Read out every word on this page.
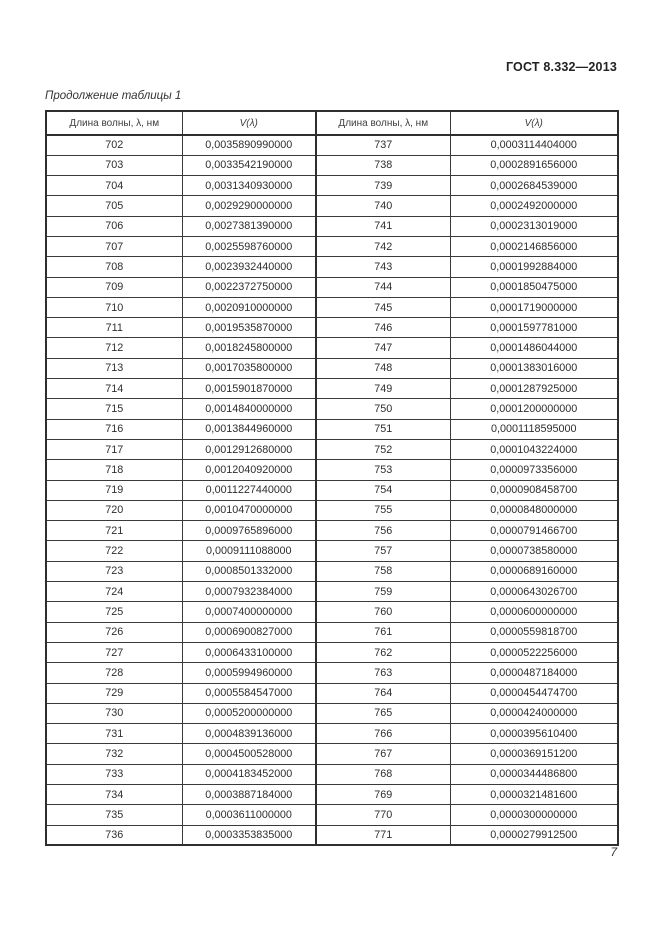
ГОСТ 8.332—2013
Продолжение таблицы 1
Длина волны, λ, нм	V(λ)	Длина волны, λ, нм	V(λ)
702	0,0035890990000	737	0,0003114404000
703	0,0033542190000	738	0,0002891656000
704	0,0031340930000	739	0,0002684539000
705	0,0029290000000	740	0,0002492000000
706	0,0027381390000	741	0,0002313019000
707	0,0025598760000	742	0,0002146856000
708	0,0023932440000	743	0,0001992884000
709	0,0022372750000	744	0,0001850475000
710	0,0020910000000	745	0,0001719000000
711	0,0019535870000	746	0,0001597781000
712	0,0018245800000	747	0,0001486044000
713	0,0017035800000	748	0,0001383016000
714	0,0015901870000	749	0,0001287925000
715	0,0014840000000	750	0,0001200000000
716	0,0013844960000	751	0,0001118595000
717	0,0012912680000	752	0,0001043224000
718	0,0012040920000	753	0,0000973356000
719	0,0011227440000	754	0,0000908458700
720	0,0010470000000	755	0,0000848000000
721	0,0009765896000	756	0,0000791466700
722	0,0009111088000	757	0,0000738580000
723	0,0008501332000	758	0,0000689160000
724	0,0007932384000	759	0,0000643026700
725	0,0007400000000	760	0,0000600000000
726	0,0006900827000	761	0,0000559818700
727	0,0006433100000	762	0,0000522256000
728	0,0005994960000	763	0,0000487184000
729	0,0005584547000	764	0,0000454474700
730	0,0005200000000	765	0,0000424000000
731	0,0004839136000	766	0,0000395610400
732	0,0004500528000	767	0,0000369151200
733	0,0004183452000	768	0,0000344486800
734	0,0003887184000	769	0,0000321481600
735	0,0003611000000	770	0,0000300000000
736	0,0003353835000	771	0,0000279912500
7
